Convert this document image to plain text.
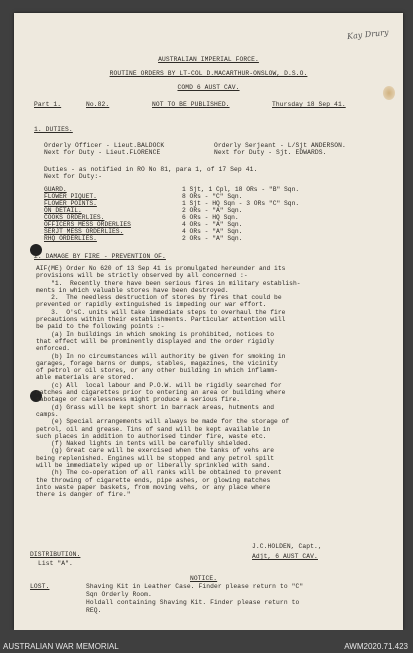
Kay Drury
AUSTRALIAN IMPERIAL FORCE.
ROUTINE ORDERS BY LT-COL D.MACARTHUR-ONSLOW, D.S.O.
COMD 6 AUST CAV.
Part 1.	No.82.	NOT TO BE PUBLISHED.	Thursday 18 Sep 41.
1. DUTIES.
Orderly Officer - Lieut.BALDOCK
Next for Duty - Lieut.FLORENCE
Orderly Serjeant - L/Sjt ANDERSON.
Next for Duty - Sjt. EDWARDS.
Duties - as notified in RO No 81, para 1, of 17 Sep 41.
Next for Duty:-
GUARD.	1 Sjt, 1 Cpl, 18 ORs - "B" Sqn.
FLOWER PIQUET.	8 ORs - "C" Sqn.
FLOWER POINTS.	1 Sjt - HQ Sqn - 3 ORs "C" Sqn.
ON DETAIL.	2 ORs - "A" Sqn.
COOKS ORDERLIES.	6 ORs - HQ Sqn.
OFFICERS MESS ORDERLIES	4 ORs - "A" Sqn.
SERJT MESS ORDERLIES.	4 ORs - "A" Sqn.
RHQ ORDERLIES.	2 ORs - "A" Sqn.
2. DAMAGE BY FIRE - PREVENTION OF.
AIF(ME) Order No 620 of 13 Sep 41 is promulgated hereunder and its
provisions will be strictly observed by all concerned :-
"1.  Recently there have been serious fires in military establish-
ments in which valuable stores have been destroyed.
2.  The needless destruction of stores by fires that could be
prevented or rapidly extinguished is impeding our war effort.
3.  O'sC. units will take immediate steps to overhaul the fire
precautions within their establishments. Particular attention will
be paid to the following points :-
(a) In buildings in which smoking is prohibited, notices to
that effect will be prominently displayed and the order rigidly
enforced.
(b) In no circumstances will authority be given for smoking in
garages, forage barns or dumps, stables, magazines, the vicinity
of petrol or oil stores, or any other building in which inflamm-
able materials are stored.
(c) All  local labour and P.O.W. will be rigidly searched for
matches and cigarettes prior to entering an area or building where
sabotage or carelessness might produce a serious fire.
(d) Grass will be kept short in barrack areas, hutments and
camps.
(e) Special arrangements will always be made for the storage of
petrol, oil and grease. Tins of sand will be kept available in
such places in addition to authorised tinder fire, waste etc.
(f) Naked lights in tents will be carefully shielded.
(g) Great care will be exercised when the tanks of vehs are
being replenished. Engines will be stopped and any petrol spilt
will be immediately wiped up or liberally sprinkled with sand.
(h) The co-operation of all ranks will be obtained to prevent
the throwing of cigarette ends, pipe ashes, or glowing matches
into waste paper baskets, from moving vehs, or any place where
there is danger of fire."
J.C.HOLDEN, Capt.,
Adjt, 6 AUST CAV.
DISTRIBUTION.
List "A".
NOTICE.
LOST.	Shaving Kit in Leather Case. Finder please return to "C"
Sqn Orderly Room.
Holdall containing Shaving Kit. Finder please return to
REQ.
AUSTRALIAN WAR MEMORIAL	AWM2020.71.423
